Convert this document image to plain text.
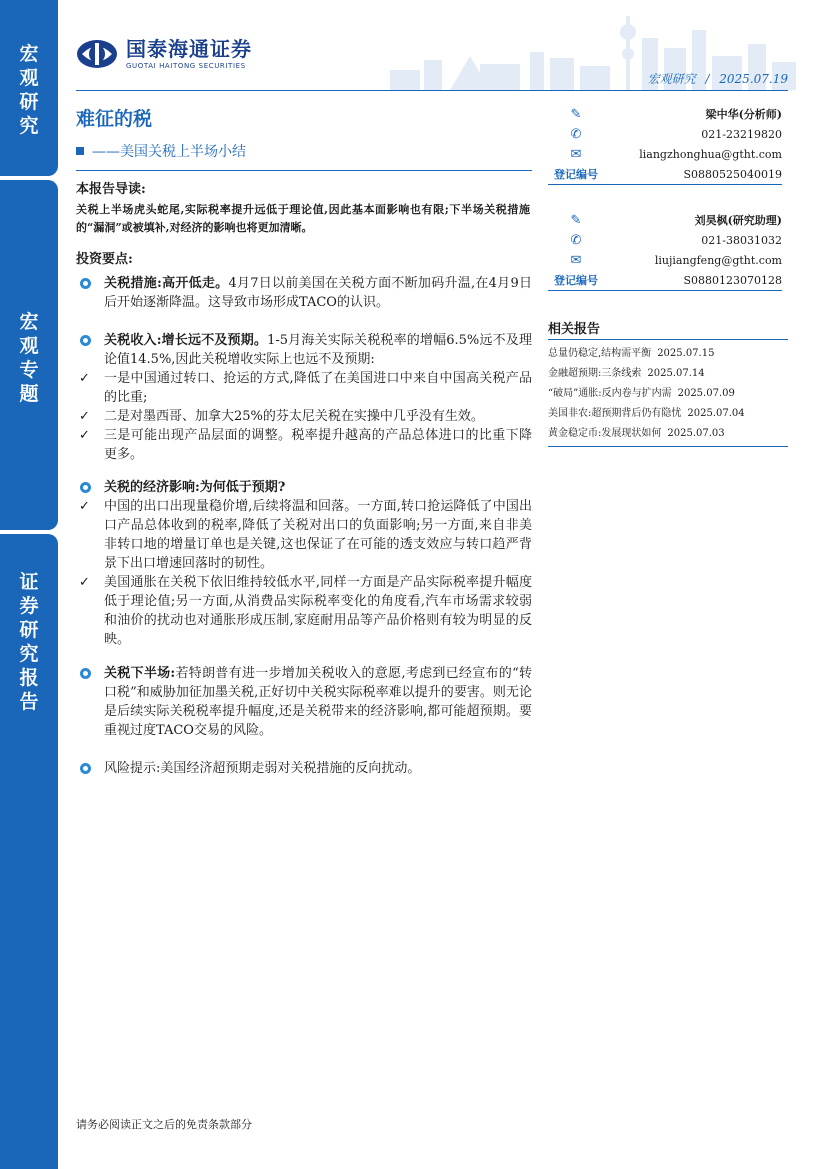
宏
观
研
究
宏
观
专
题
证
券
研
究
报
告
国泰海通证券
GUOTAI HAITONG SECURITIES
宏观研究 / 2025.07.19
难征的税
——美国关税上半场小结
本报告导读:
关税上半场虎头蛇尾,实际税率提升远低于理论值,因此基本面影响也有限;下半场关税措施的“漏洞”或被填补,对经济的影响也将更加清晰。
投资要点:
关税措施:高开低走。4月7日以前美国在关税方面不断加码升温,在4月9日后开始逐渐降温。这导致市场形成TACO的认识。
关税收入:增长远不及预期。1-5月海关实际关税税率的增幅6.5%远不及理论值14.5%,因此关税增收实际上也远不及预期:
✓ 一是中国通过转口、抢运的方式,降低了在美国进口中来自中国高关税产品的比重;
✓ 二是对墨西哥、加拿大25%的芬太尼关税在实操中几乎没有生效。
✓ 三是可能出现产品层面的调整。税率提升越高的产品总体进口的比重下降更多。
关税的经济影响:为何低于预期?
✓ 中国的出口出现量稳价增,后续将温和回落。一方面,转口抢运降低了中国出口产品总体收到的税率,降低了关税对出口的负面影响;另一方面,来自非美非转口地的增量订单也是关键,这也保证了在可能的透支效应与转口趋严背景下出口增速回落时的韧性。
✓ 美国通胀在关税下依旧维持较低水平,同样一方面是产品实际税率提升幅度低于理论值;另一方面,从消费品实际税率变化的角度看,汽车市场需求较弱和油价的扰动也对通胀形成压制,家庭耐用品等产品价格则有较为明显的反映。
关税下半场:若特朗普有进一步增加关税收入的意愿,考虑到已经宣布的“转口税”和威胁加征加墨关税,正好切中关税实际税率难以提升的要害。则无论是后续实际关税税率提升幅度,还是关税带来的经济影响,都可能超预期。要重视过度TACO交易的风险。
风险提示:美国经济超预期走弱对关税措施的反向扰动。
✎	梁中华(分析师)
✆	021-23219820
✉	liangzhonghua@gtht.com
登记编号	S0880525040019
✎	刘昊枫(研究助理)
✆	021-38031032
✉	liujiangfeng@gtht.com
登记编号	S0880123070128
相关报告
总量仍稳定,结构需平衡 2025.07.15
金融超预期:三条线索 2025.07.14
“破局”通胀:反内卷与扩内需 2025.07.09
美国非农:超预期背后仍有隐忧 2025.07.04
黄金稳定币:发展现状如何 2025.07.03
请务必阅读正文之后的免责条款部分
